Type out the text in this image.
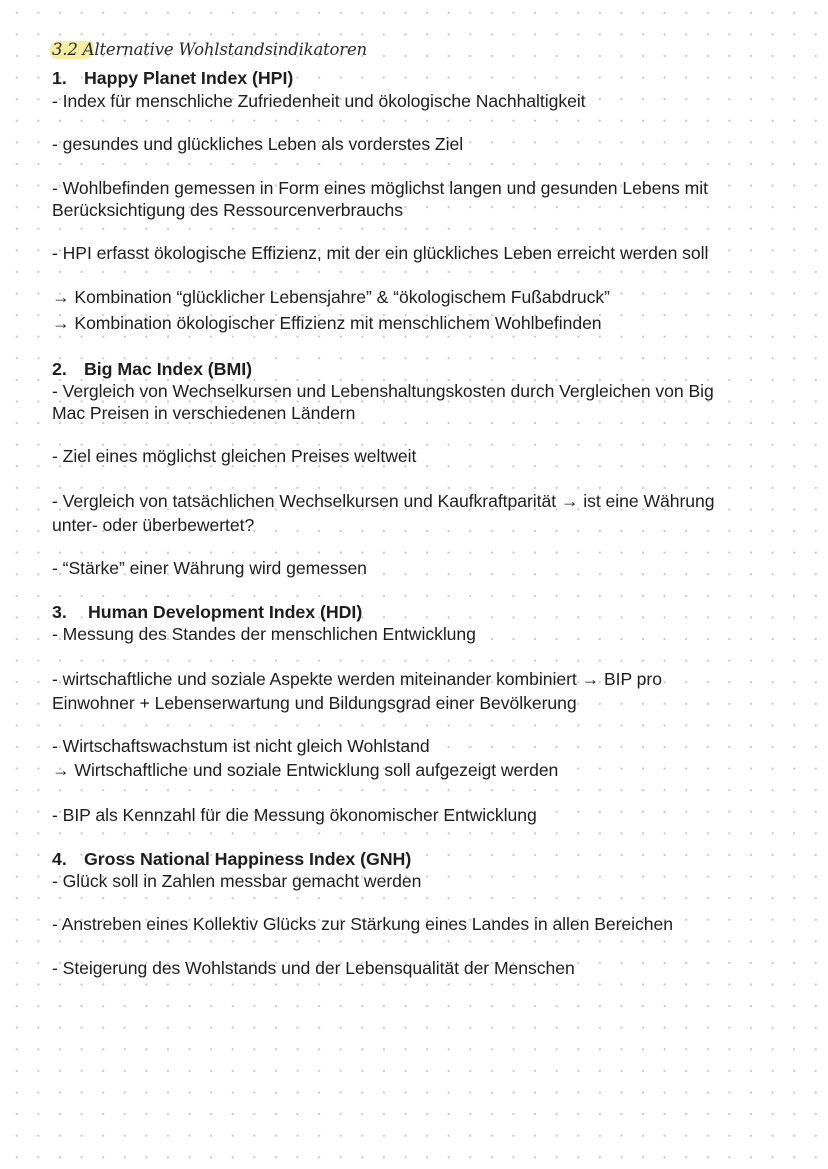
3.2 Alternative Wohlstandsindikatoren
1. Happy Planet Index (HPI)
- Index für menschliche Zufriedenheit und ökologische Nachhaltigkeit
- gesundes und glückliches Leben als vorderstes Ziel
- Wohlbefinden gemessen in Form eines möglichst langen und gesunden Lebens mit
Berücksichtigung des Ressourcenverbrauchs
- HPI erfasst ökologische Effizienz, mit der ein glückliches Leben erreicht werden soll
→ Kombination “glücklicher Lebensjahre” & “ökologischem Fußabdruck”
→ Kombination ökologischer Effizienz mit menschlichem Wohlbefinden
2. Big Mac Index (BMI)
- Vergleich von Wechselkursen und Lebenshaltungskosten durch Vergleichen von Big
Mac Preisen in verschiedenen Ländern
- Ziel eines möglichst gleichen Preises weltweit
- Vergleich von tatsächlichen Wechselkursen und Kaufkraftparität → ist eine Währung
unter- oder überbewertet?
- “Stärke” einer Währung wird gemessen
3. Human Development Index (HDI)
- Messung des Standes der menschlichen Entwicklung
- wirtschaftliche und soziale Aspekte werden miteinander kombiniert → BIP pro
Einwohner + Lebenserwartung und Bildungsgrad einer Bevölkerung
- Wirtschaftswachstum ist nicht gleich Wohlstand
→ Wirtschaftliche und soziale Entwicklung soll aufgezeigt werden
- BIP als Kennzahl für die Messung ökonomischer Entwicklung
4. Gross National Happiness Index (GNH)
- Glück soll in Zahlen messbar gemacht werden
- Anstreben eines Kollektiv Glücks zur Stärkung eines Landes in allen Bereichen
- Steigerung des Wohlstands und der Lebensqualität der Menschen
